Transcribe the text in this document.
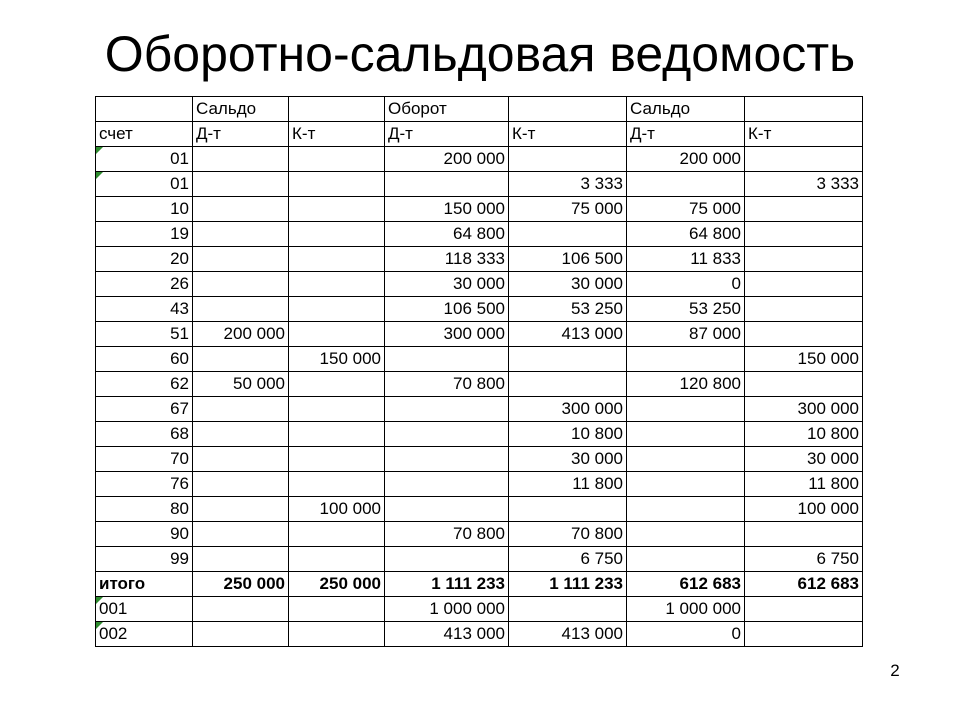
Оборотно-сальдовая ведомость
	Сальдо		Оборот		Сальдо	
счет	Д-т	К-т	Д-т	К-т	Д-т	К-т
01			200 000		200 000	
01				3 333		3 333
10			150 000	75 000	75 000	
19			64 800		64 800	
20			118 333	106 500	11 833	
26			30 000	30 000	0	
43			106 500	53 250	53 250	
51	200 000		300 000	413 000	87 000	
60		150 000				150 000
62	50 000		70 800		120 800	
67				300 000		300 000
68				10 800		10 800
70				30 000		30 000
76				11 800		11 800
80		100 000				100 000
90			70 800	70 800		
99				6 750		6 750
итого	250 000	250 000	1 111 233	1 111 233	612 683	612 683
001			1 000 000		1 000 000	
002			413 000	413 000	0	
2
